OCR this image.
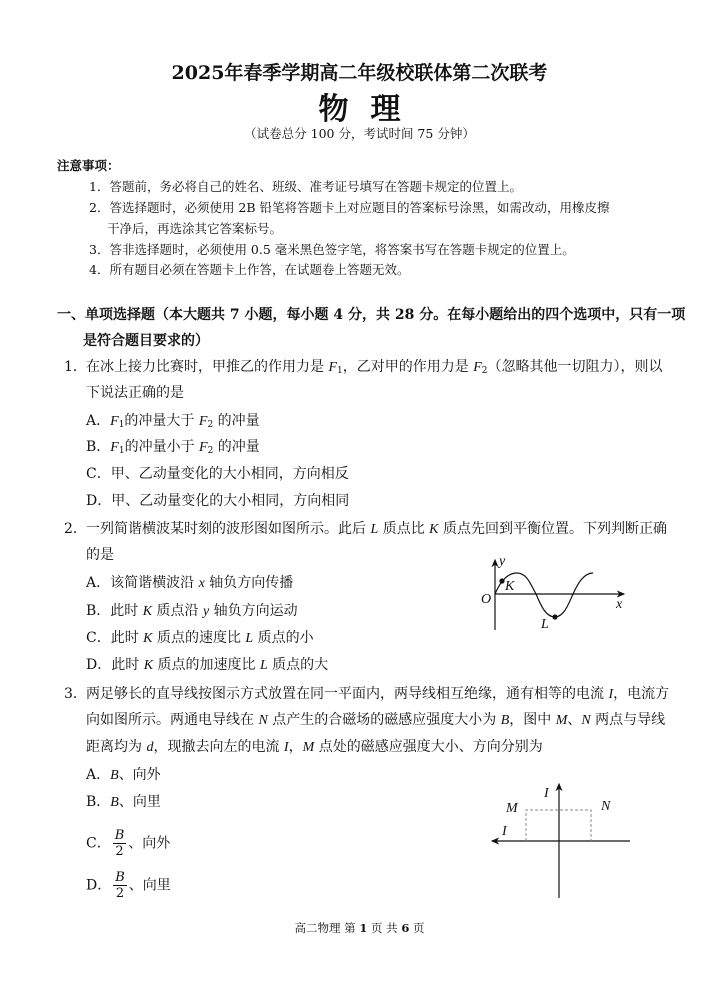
2025年春季学期高二年级校联体第二次联考
物理
（试卷总分 100 分，考试时间 75 分钟）
注意事项：
1．答题前，务必将自己的姓名、班级、准考证号填写在答题卡规定的位置上。
2．答选择题时，必须使用 2B 铅笔将答题卡上对应题目的答案标号涂黑，如需改动，用橡皮擦
干净后，再选涂其它答案标号。
3．答非选择题时，必须使用 0.5 毫米黑色签字笔，将答案书写在答题卡规定的位置上。
4．所有题目必须在答题卡上作答，在试题卷上答题无效。
一、单项选择题（本大题共 7 小题，每小题 4 分，共 28 分。在每小题给出的四个选项中，只有一项
是符合题目要求的）
1． 在冰上接力比赛时，甲推乙的作用力是 $F_1$，乙对甲的作用力是 $F_2$（忽略其他一切阻力），则以
下说法正确的是
A．$F_1$的冲量大于 $F_2$ 的冲量
B．$F_1$的冲量小于 $F_2$ 的冲量
C．甲、乙动量变化的大小相同，方向相反
D．甲、乙动量变化的大小相同，方向相同
2． 一列简谐横波某时刻的波形图如图所示。此后 L 质点比 K 质点先回到平衡位置。下列判断正确
的是
A．该简谐横波沿 x 轴负方向传播
B．此时 K 质点沿 y 轴负方向运动
C．此时 K 质点的速度比 L 质点的小
D．此时 K 质点的加速度比 L 质点的大
y
x
O
K
L
I
I
M	N
3． 两足够长的直导线按图示方式放置在同一平面内，两导线相互绝缘，通有相等的电流 I，电流方
向如图所示。两通电导线在 N 点产生的合磁场的磁感应强度大小为 B，图中 M、N 两点与导线
距离均为 d，现撤去向左的电流 I，M 点处的磁感应强度大小、方向分别为
A．B、向外
B．B、向里
C． $\frac{B}{2}$ 、向外
D． $\frac{B}{2}$ 、向里
高二物理 第 1 页 共 6 页
